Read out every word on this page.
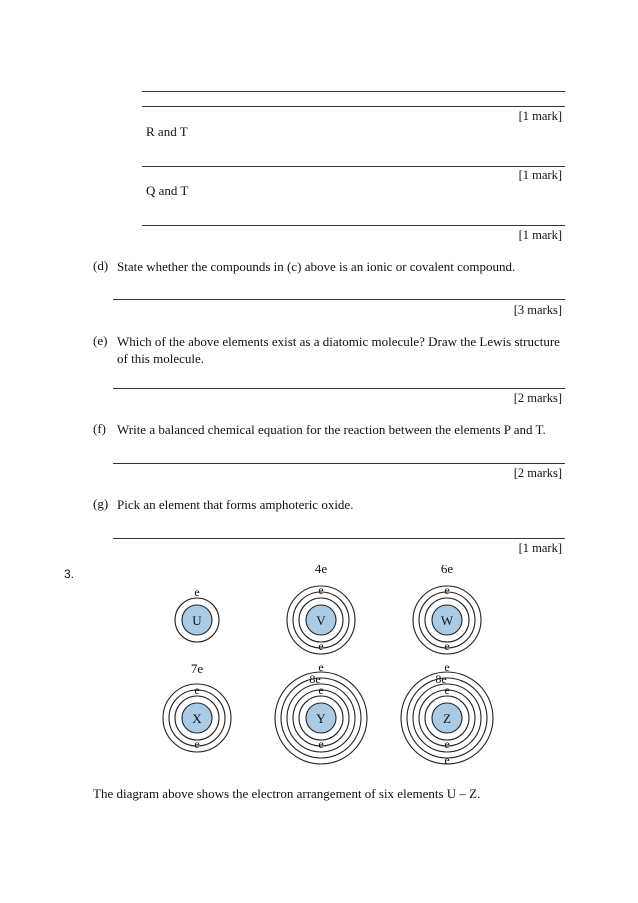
[1 mark]
R and T
[1 mark]
Q and T
[1 mark]
(d) State whether the compounds in (c) above is an ionic or covalent compound.
[3 marks]
(e) Which of the above elements exist as a diatomic molecule? Draw the Lewis structure of this molecule.
[2 marks]
(f) Write a balanced chemical equation for the reaction between the elements P and T.
[2 marks]
(g) Pick an element that forms amphoteric oxide.
[1 mark]
3.
U
e
V
4e
e
e
W
6e
e
e
X
7e
e
e
Y
e
8e
e
e
Z
e
8e
e
e
e
The diagram above shows the electron arrangement of six elements U – Z.
